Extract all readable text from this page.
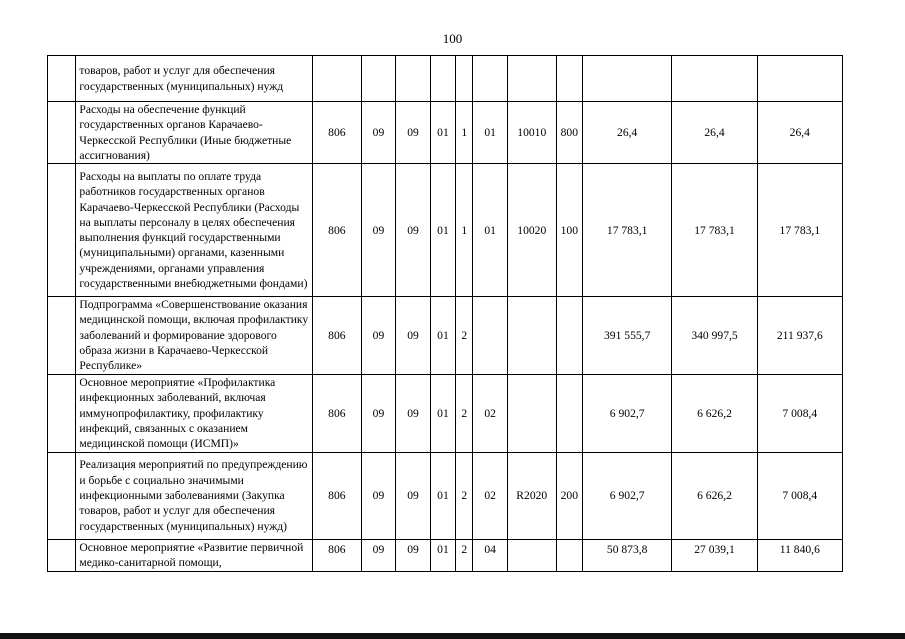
100
	товаров, работ и услуг для обеспечения государственных (муниципальных) нужд											
	Расходы на обеспечение функций государственных органов Карачаево-Черкесской Республики (Иные бюджетные ассигнования)	806	09	09	01	1	01	10010	800	26,4	26,4	26,4
	Расходы на выплаты по оплате труда работников государственных органов Карачаево-Черкесской Республики (Расходы на выплаты персоналу в целях обеспечения выполнения функций государственными (муниципальными) органами, казенными учреждениями, органами управления государственными внебюджетными фондами)	806	09	09	01	1	01	10020	100	17 783,1	17 783,1	17 783,1
	Подпрограмма «Совершенствование оказания медицинской помощи, включая профилактику заболеваний и формирование здорового образа жизни в Карачаево-Черкесской Республике»	806	09	09	01	2				391 555,7	340 997,5	211 937,6
	Основное мероприятие «Профилактика инфекционных заболеваний, включая иммунопрофилактику, профилактику инфекций, связанных с оказанием медицинской помощи (ИСМП)»	806	09	09	01	2	02			6 902,7	6 626,2	7 008,4
	Реализация мероприятий по предупреждению и борьбе с социально значимыми инфекционными заболеваниями (Закупка товаров, работ и услуг для обеспечения государственных (муниципальных) нужд)	806	09	09	01	2	02	R2020	200	6 902,7	6 626,2	7 008,4
	Основное мероприятие «Развитие первичной медико-санитарной помощи,	806	09	09	01	2	04			50 873,8	27 039,1	11 840,6
